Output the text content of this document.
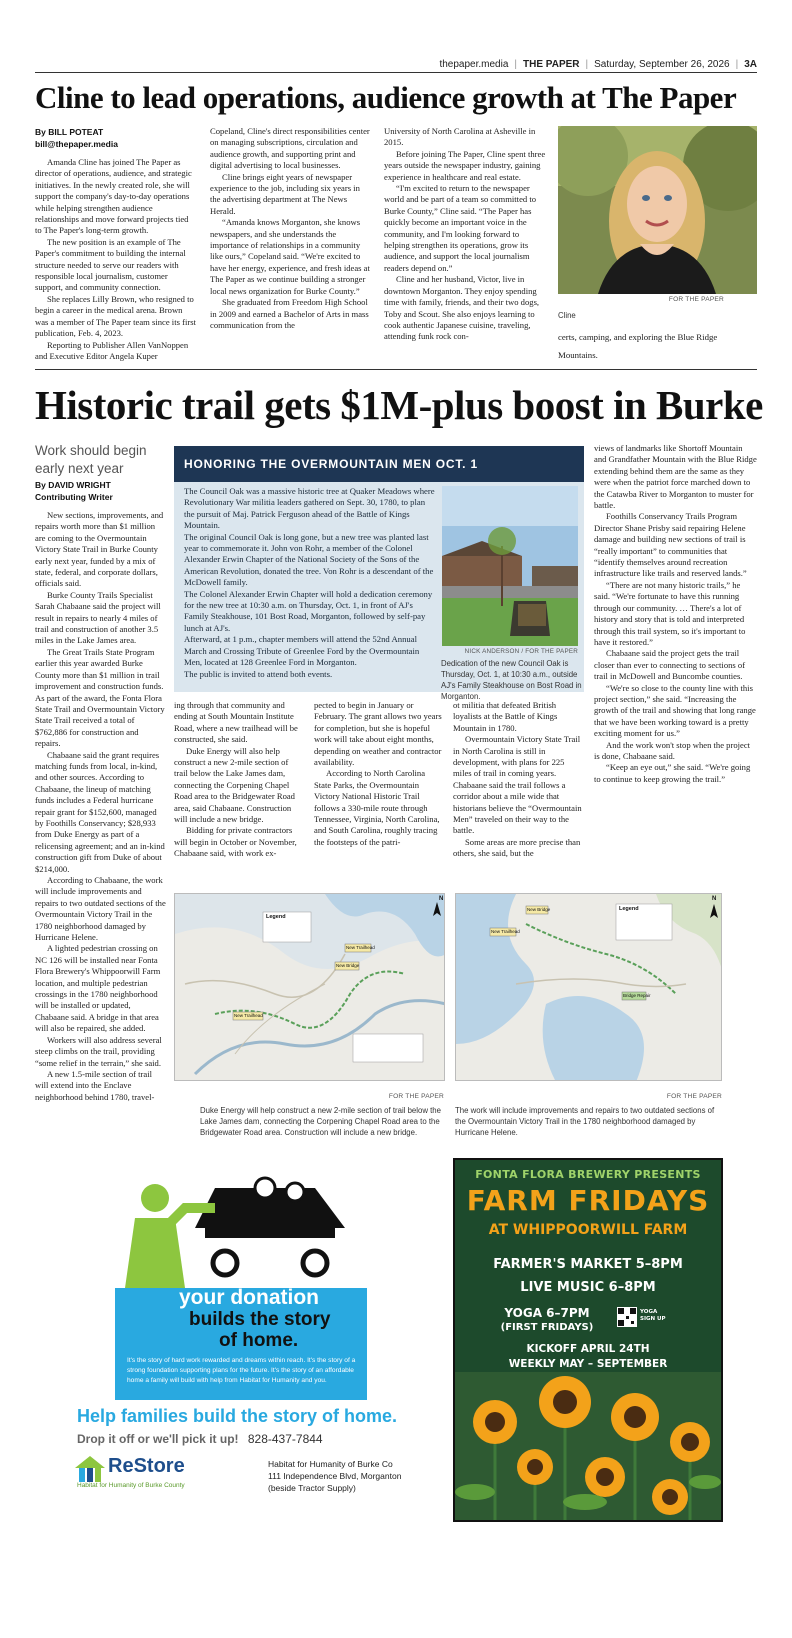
thepaper.media | THE PAPER | Saturday, September 26, 2026 | 3A
Cline to lead operations, audience growth at The Paper
By BILL POTEAT
bill@thepaper.media

Amanda Cline has joined The Paper as director of operations, audience, and strategic initiatives. In the newly created role, she will support the company's day-to-day operations while helping strengthen audience relationships and move forward projects tied to The Paper's long-term growth.

The new position is an example of The Paper's commitment to building the internal structure needed to serve our readers with responsible local journalism, customer support, and community connection.

She replaces Lilly Brown, who resigned to begin a career in the medical arena. Brown was a member of The Paper team since its first publication, Feb. 4, 2023.

Reporting to Publisher Allen VanNoppen and Executive Editor Angela Kuper

Copeland, Cline's direct responsibilities center on managing subscriptions, circulation and audience growth, and supporting print and digital advertising to local businesses.

Cline brings eight years of newspaper experience to the job, including six years in the advertising department at The News Herald.

“Amanda knows Morganton, she knows newspapers, and she understands the importance of relationships in a community like ours,” Copeland said. “We're excited to have her energy, experience, and fresh ideas at The Paper as we continue building a stronger local news organization for Burke County.”

She graduated from Freedom High School in 2009 and earned a Bachelor of Arts in mass communication from the

University of North Carolina at Asheville in 2015.

Before joining The Paper, Cline spent three years outside the newspaper industry, gaining experience in healthcare and real estate.

“I'm excited to return to the newspaper world and be part of a team so committed to Burke County,” Cline said. “The Paper has quickly become an important voice in the community, and I'm looking forward to helping strengthen its operations, grow its audience, and support the local journalism readers depend on.”

Cline and her husband, Victor, live in downtown Morganton. They enjoy spending time with family, friends, and their two dogs, Toby and Scout. She also enjoys learning to cook authentic Japanese cuisine, traveling, attending funk rock con-

FOR THE PAPER
Cline
certs, camping, and exploring the Blue Ridge Mountains.
Historic trail gets $1M-plus boost in Burke
Work should begin early next year
By DAVID WRIGHT
Contributing Writer

New sections, improvements, and repairs worth more than $1 million are coming to the Overmountain Victory State Trail in Burke County early next year, funded by a mix of state, federal, and corporate dollars, officials said.

Burke County Trails Specialist Sarah Chabaane said the project will result in repairs to nearly 4 miles of trail and construction of another 3.5 miles in the Lake James area.

The Great Trails State Program earlier this year awarded Burke County more than $1 million in trail improvement and construction funds. As part of the award, the Fonta Flora State Trail and Overmountain Victory State Trail received a total of $762,886 for construction and repairs.

Chabaane said the grant requires matching funds from local, in-kind, and other sources. According to Chabaane, the lineup of matching funds includes a Federal hurricane repair grant for $152,600, managed by Foothills Conservancy; $28,933 from Duke Energy as part of a relicensing agreement; and an in-kind construction gift from Duke of about $214,000.

According to Chabaane, the work will include improvements and repairs to two outdated sections of the Overmountain Victory Trail in the 1780 neighborhood damaged by Hurricane Helene.

A lighted pedestrian crossing on NC 126 will be installed near Fonta Flora Brewery's Whippoorwill Farm location, and multiple pedestrian crossings in the 1780 neighborhood will be installed or updated, Chabaane said. A bridge in that area will also be repaired, she added.

Workers will also address several steep climbs on the trail, providing “some relief in the terrain,” she said.

A new 1.5-mile section of trail will extend into the Enclave neighborhood behind 1780, travel-

HONORING THE OVERMOUNTAIN MEN OCT. 1

The Council Oak was a massive historic tree at Quaker Meadows where Revolutionary War militia leaders gathered on Sept. 30, 1780, to plan the pursuit of Maj. Patrick Ferguson ahead of the Battle of Kings Mountain.

The original Council Oak is long gone, but a new tree was planted last year to commemorate it. John von Rohr, a member of the Colonel Alexander Erwin Chapter of the National Society of the Sons of the American Revolution, donated the tree. Von Rohr is a descendant of the McDowell family.

The Colonel Alexander Erwin Chapter will hold a dedication ceremony for the new tree at 10:30 a.m. on Thursday, Oct. 1, in front of AJ's Family Steakhouse, 101 Bost Road, Morganton, followed by self-pay lunch at AJ's.

Afterward, at 1 p.m., chapter members will attend the 52nd Annual March and Crossing Tribute of Greenlee Ford by the Overmountain Men, located at 128 Greenlee Ford in Morganton.

The public is invited to attend both events.

NICK ANDERSON / FOR THE PAPER
Dedication of the new Council Oak is Thursday, Oct. 1, at 10:30 a.m., outside AJ's Family Steakhouse on Bost Road in Morganton.

ing through that community and ending at South Mountain Institute Road, where a new trailhead will be constructed, she said.

Duke Energy will also help construct a new 2-mile section of trail below the Lake James dam, connecting the Corpening Chapel Road area to the Bridgewater Road area, said Chabaane. Construction will include a new bridge.

Bidding for private contractors will begin in October or November, Chabaane said, with work ex-

pected to begin in January or February. The grant allows two years for completion, but she is hopeful work will take about eight months, depending on weather and contractor availability.

According to North Carolina State Parks, the Overmountain Victory National Historic Trail follows a 330-mile route through Tennessee, Virginia, North Carolina, and South Carolina, roughly tracing the footsteps of the patri-

ot militia that defeated British loyalists at the Battle of Kings Mountain in 1780.

Overmountain Victory State Trail in North Carolina is still in development, with plans for 225 miles of trail in coming years. Chabaane said the trail follows a corridor about a mile wide that historians believe the “Overmountain Men” traveled on their way to the battle.

Some areas are more precise than others, she said, but the

views of landmarks like Shortoff Mountain and Grandfather Mountain with the Blue Ridge extending behind them are the same as they were when the patriot force marched down to the Catawba River to Morganton to muster for battle.

Foothills Conservancy Trails Program Director Shane Prisby said repairing Helene damage and building new sections of trail is “really important” to communities that “identify themselves around recreation infrastructure like trails and reserved lands.”

“There are not many historic trails,” he said. “We're fortunate to have this running through our community. … There's a lot of history and story that is told and interpreted through this trail system, so it's important to have it restored.”

Chabaane said the project gets the trail closer than ever to connecting to sections of trail in McDowell and Buncombe counties.

“We're so close to the county line with this project section,” she said. “Increasing the growth of the trail and showing that long range that we have been working toward is a pretty exciting moment for us.”

And the work won't stop when the project is done, Chabaane said.

“Keep an eye out,” she said. “We're going to continue to keep growing the trail.”

Legend
New Trailhead
New Bridge
New Trailhead
N
Legend
New Bridge
New Trailhead
Bridge Repair
N
FOR THE PAPER
Duke Energy will help construct a new 2-mile section of trail below the Lake James dam, connecting the Corpening Chapel Road area to the Bridgewater Road area. Construction will include a new bridge.
FOR THE PAPER
The work will include improvements and repairs to two outdated sections of the Overmountain Victory Trail in the 1780 neighborhood damaged by Hurricane Helene.
your donation
builds the story
of home.
It's the story of hard work rewarded and dreams within reach. It's the story of a strong foundation supporting plans for the future. It's the story of an affordable home a family will build with help from Habitat for Humanity and you.
Help families build the story of home.
Drop it off or we'll pick it up! 828-437-7844
ReStore
Habitat for Humanity of Burke County
Habitat for Humanity of Burke Co
111 Independence Blvd, Morganton
(beside Tractor Supply)
FONTA FLORA BREWERY PRESENTS
FARM FRIDAYS
AT WHIPPOORWILL FARM
FARMER'S MARKET 5–8PM
LIVE MUSIC 6–8PM
YOGA 6–7PM
(FIRST FRIDAYS)
YOGA SIGN UP
KICKOFF APRIL 24TH
WEEKLY MAY – SEPTEMBER
